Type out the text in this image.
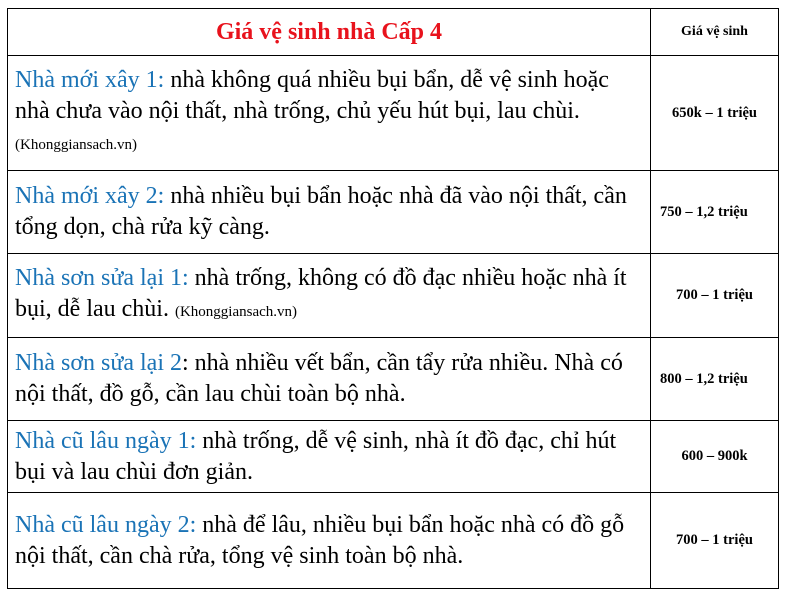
Giá vệ sinh nhà Cấp 4	Giá vệ sinh
Nhà mới xây 1: nhà không quá nhiều bụi bẩn, dễ vệ sinh hoặc nhà chưa vào nội thất, nhà trống, chủ yếu hút bụi, lau chùi. (Khonggiansach.vn)	650k – 1 triệu
Nhà mới xây 2: nhà nhiều bụi bẩn hoặc nhà đã vào nội thất, cần tổng dọn, chà rửa kỹ càng.	750 – 1,2 triệu
Nhà sơn sửa lại 1: nhà trống, không có đồ đạc nhiều hoặc nhà ít bụi, dễ lau chùi. (Khonggiansach.vn)	700 – 1 triệu
Nhà sơn sửa lại 2: nhà nhiều vết bẩn, cần tẩy rửa nhiều. Nhà có nội thất, đồ gỗ, cần lau chùi toàn bộ nhà.	800 – 1,2 triệu
Nhà cũ lâu ngày 1: nhà trống, dễ vệ sinh, nhà ít đồ đạc, chỉ hút bụi và lau chùi đơn giản.	600 – 900k
Nhà cũ lâu ngày 2: nhà để lâu, nhiều bụi bẩn hoặc nhà có đồ gỗ nội thất, cần chà rửa, tổng vệ sinh toàn bộ nhà.	700 – 1 triệu
